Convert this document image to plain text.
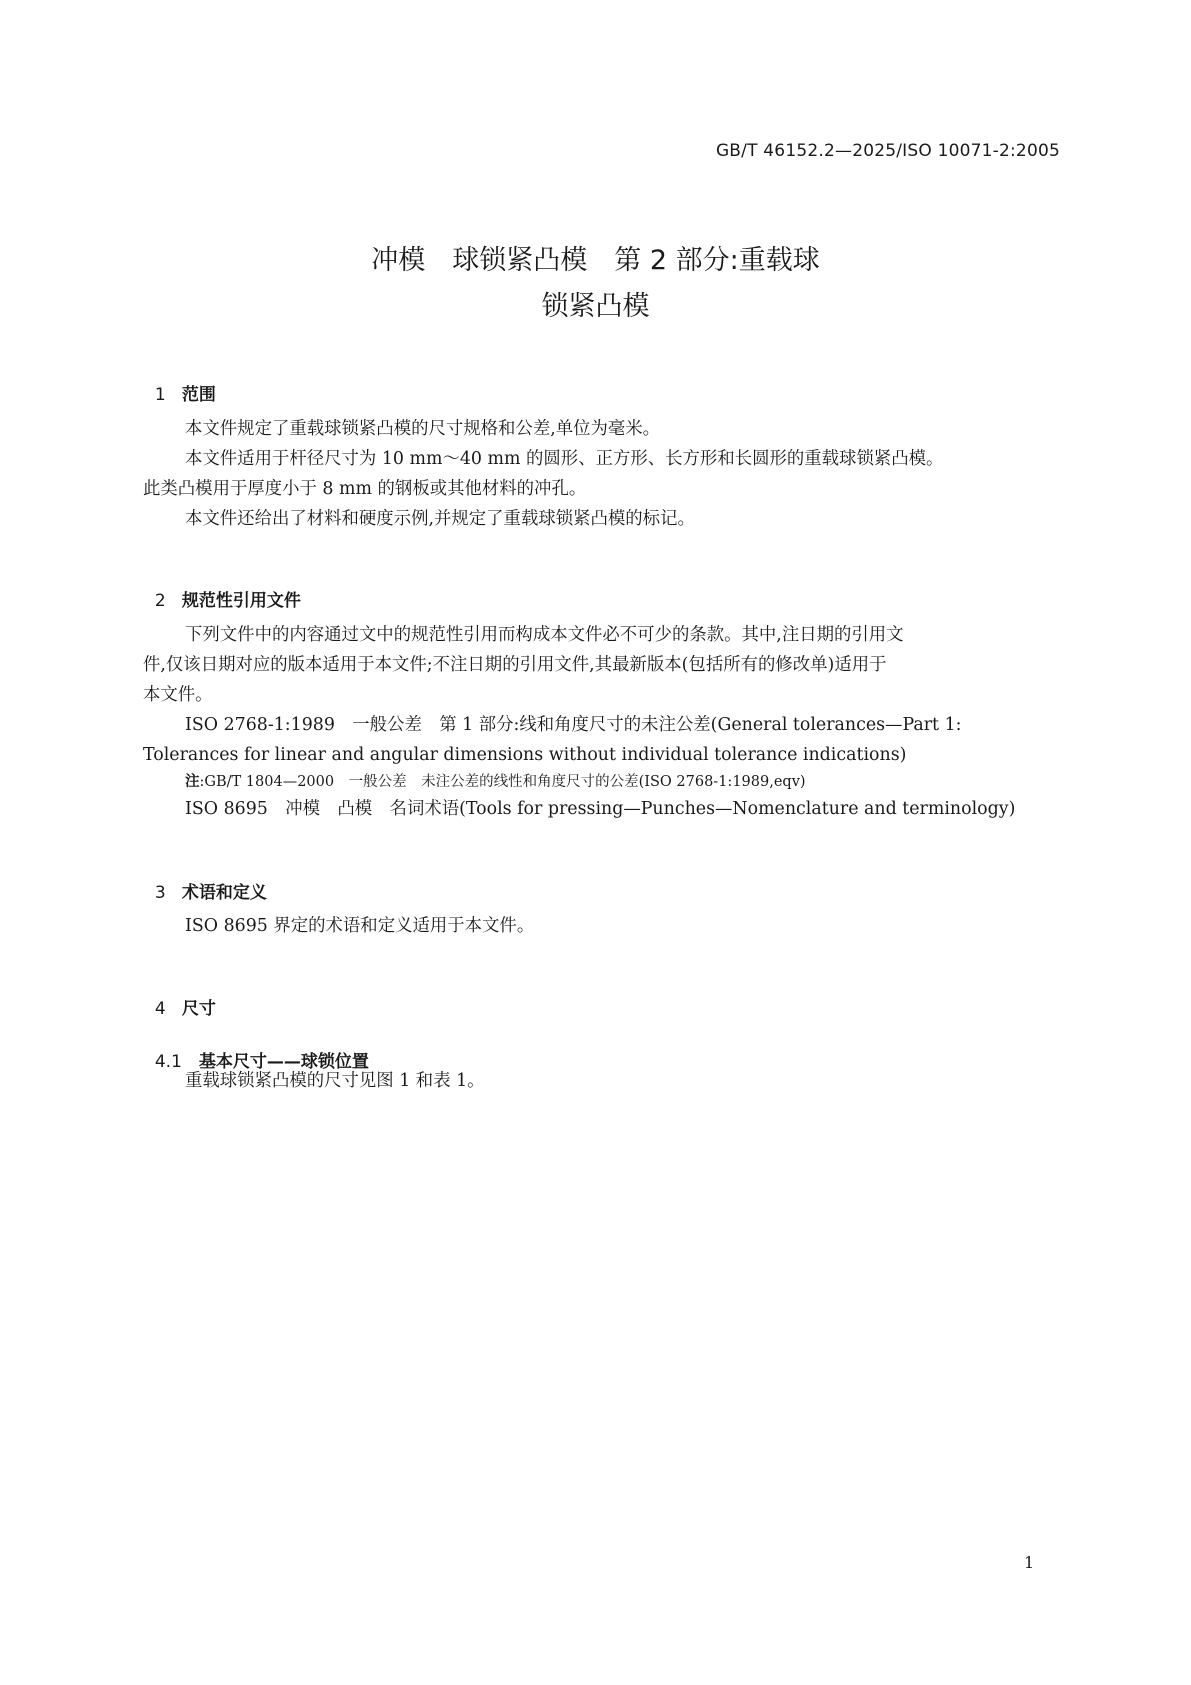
GB/T 46152.2—2025/ISO 10071-2:2005
冲模　球锁紧凸模　第 2 部分:重载球
锁紧凸模

1 范围

本文件规定了重载球锁紧凸模的尺寸规格和公差,单位为毫米。
本文件适用于杆径尺寸为 10 mm～40 mm 的圆形、正方形、长方形和长圆形的重载球锁紧凸模。
此类凸模用于厚度小于 8 mm 的钢板或其他材料的冲孔。
本文件还给出了材料和硬度示例,并规定了重载球锁紧凸模的标记。

2 规范性引用文件

下列文件中的内容通过文中的规范性引用而构成本文件必不可少的条款。其中,注日期的引用文
件,仅该日期对应的版本适用于本文件;不注日期的引用文件,其最新版本(包括所有的修改单)适用于
本文件。
ISO 2768-1:1989　一般公差　第 1 部分:线和角度尺寸的未注公差(General tolerances—Part 1:
Tolerances for linear and angular dimensions without individual tolerance indications)
注:GB/T 1804—2000　一般公差　未注公差的线性和角度尺寸的公差(ISO 2768-1:1989,eqv)
ISO 8695　冲模　凸模　名词术语(Tools for pressing—Punches—Nomenclature and terminology)

3 术语和定义

ISO 8695 界定的术语和定义适用于本文件。

4 尺寸

4.1 基本尺寸——球锁位置

重载球锁紧凸模的尺寸见图 1 和表 1。
1
